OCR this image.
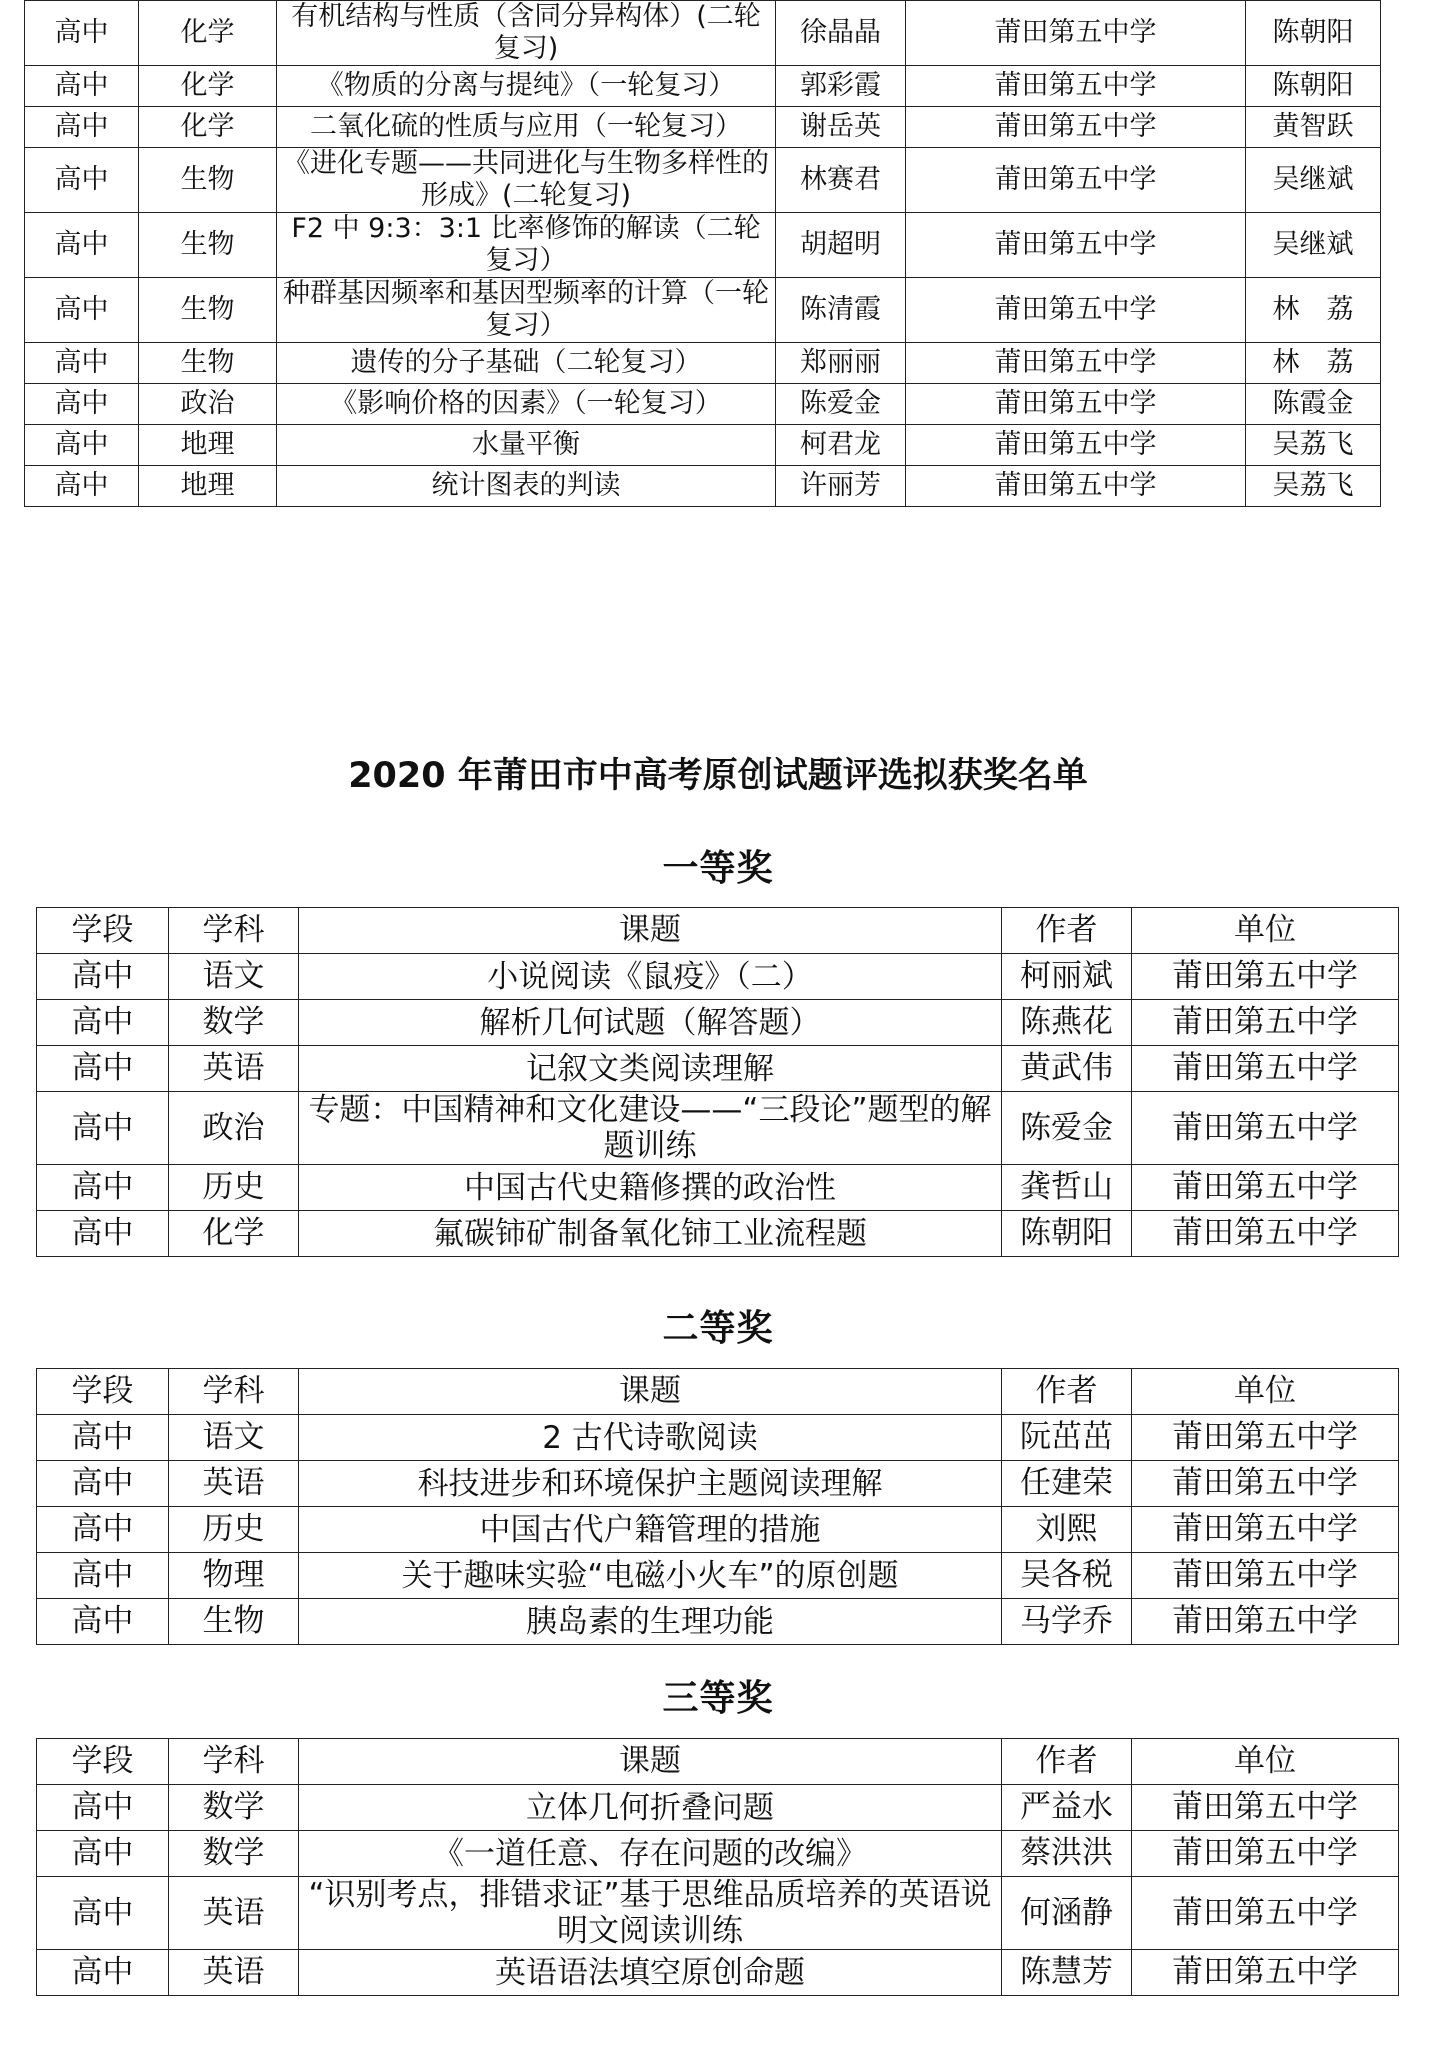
高中	化学	有机结构与性质（含同分异构体）(二轮复习)	徐晶晶	莆田第五中学	陈朝阳
高中	化学	《物质的分离与提纯》（一轮复习）	郭彩霞	莆田第五中学	陈朝阳
高中	化学	二氧化硫的性质与应用（一轮复习）	谢岳英	莆田第五中学	黄智跃
高中	生物	《进化专题——共同进化与生物多样性的形成》(二轮复习)	林赛君	莆田第五中学	吴继斌
高中	生物	F2 中 9:3：3:1 比率修饰的解读（二轮复习）	胡超明	莆田第五中学	吴继斌
高中	生物	种群基因频率和基因型频率的计算（一轮复习）	陈清霞	莆田第五中学	林　荔
高中	生物	遗传的分子基础（二轮复习）	郑丽丽	莆田第五中学	林　荔
高中	政治	《影响价格的因素》（一轮复习）	陈爱金	莆田第五中学	陈霞金
高中	地理	水量平衡	柯君龙	莆田第五中学	吴荔飞
高中	地理	统计图表的判读	许丽芳	莆田第五中学	吴荔飞
2020 年莆田市中高考原创试题评选拟获奖名单
一等奖
学段	学科	课题	作者	单位
高中	语文	小说阅读《鼠疫》（二）	柯丽斌	莆田第五中学
高中	数学	解析几何试题（解答题）	陈燕花	莆田第五中学
高中	英语	记叙文类阅读理解	黄武伟	莆田第五中学
高中	政治	专题：中国精神和文化建设——“三段论”题型的解题训练	陈爱金	莆田第五中学
高中	历史	中国古代史籍修撰的政治性	龚哲山	莆田第五中学
高中	化学	氟碳铈矿制备氧化铈工业流程题	陈朝阳	莆田第五中学
二等奖
学段	学科	课题	作者	单位
高中	语文	2 古代诗歌阅读	阮茁茁	莆田第五中学
高中	英语	科技进步和环境保护主题阅读理解	任建荣	莆田第五中学
高中	历史	中国古代户籍管理的措施	刘熙	莆田第五中学
高中	物理	关于趣味实验“电磁小火车”的原创题	吴各税	莆田第五中学
高中	生物	胰岛素的生理功能	马学乔	莆田第五中学
三等奖
学段	学科	课题	作者	单位
高中	数学	立体几何折叠问题	严益水	莆田第五中学
高中	数学	《一道任意、存在问题的改编》	蔡洪洪	莆田第五中学
高中	英语	“识别考点，排错求证”基于思维品质培养的英语说明文阅读训练	何涵静	莆田第五中学
高中	英语	英语语法填空原创命题	陈慧芳	莆田第五中学
